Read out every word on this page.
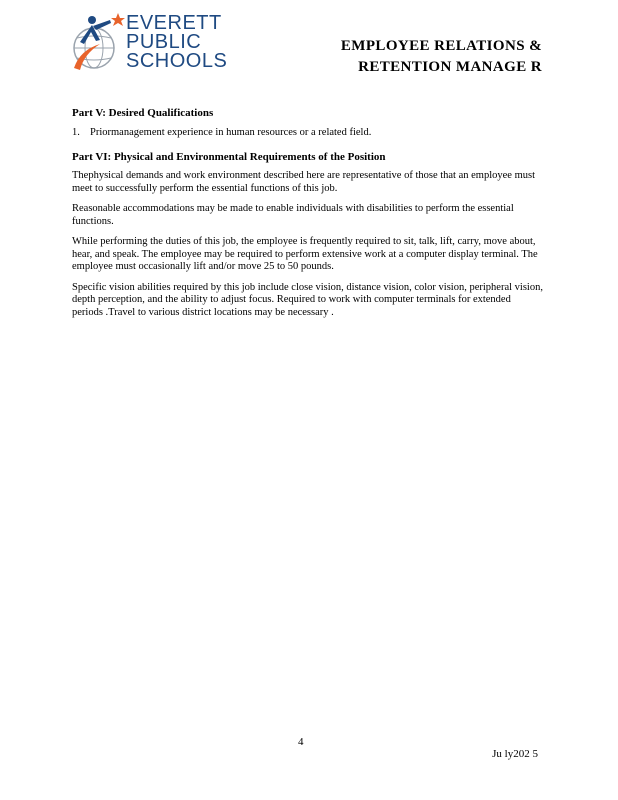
EVERETT
PUBLIC
SCHOOLS
EMPLOYEE RELATIONS &
RETENTION MANAGE R
Part V: Desired Qualifications
1. Priormanagement experience in human resources or a related field.
Part VI: Physical and Environmental Requirements of the Position

Thephysical demands and work environment described here are representative of those that an employee must meet to successfully perform the essential functions of this job.

Reasonable accommodations may be made to enable individuals with disabilities to perform the essential functions.

While performing the duties of this job, the employee is frequently required to sit, talk, lift, carry, move about, hear, and speak. The employee may be required to perform extensive work at a computer display terminal. The employee must occasionally lift and/or move 25 to 50 pounds.

Specific vision abilities required by this job include close vision, distance vision, color vision, peripheral vision, depth perception, and the ability to adjust focus. Required to work with computer terminals for extended periods .Travel to various district locations may be necessary .

4
Ju ly202 5
